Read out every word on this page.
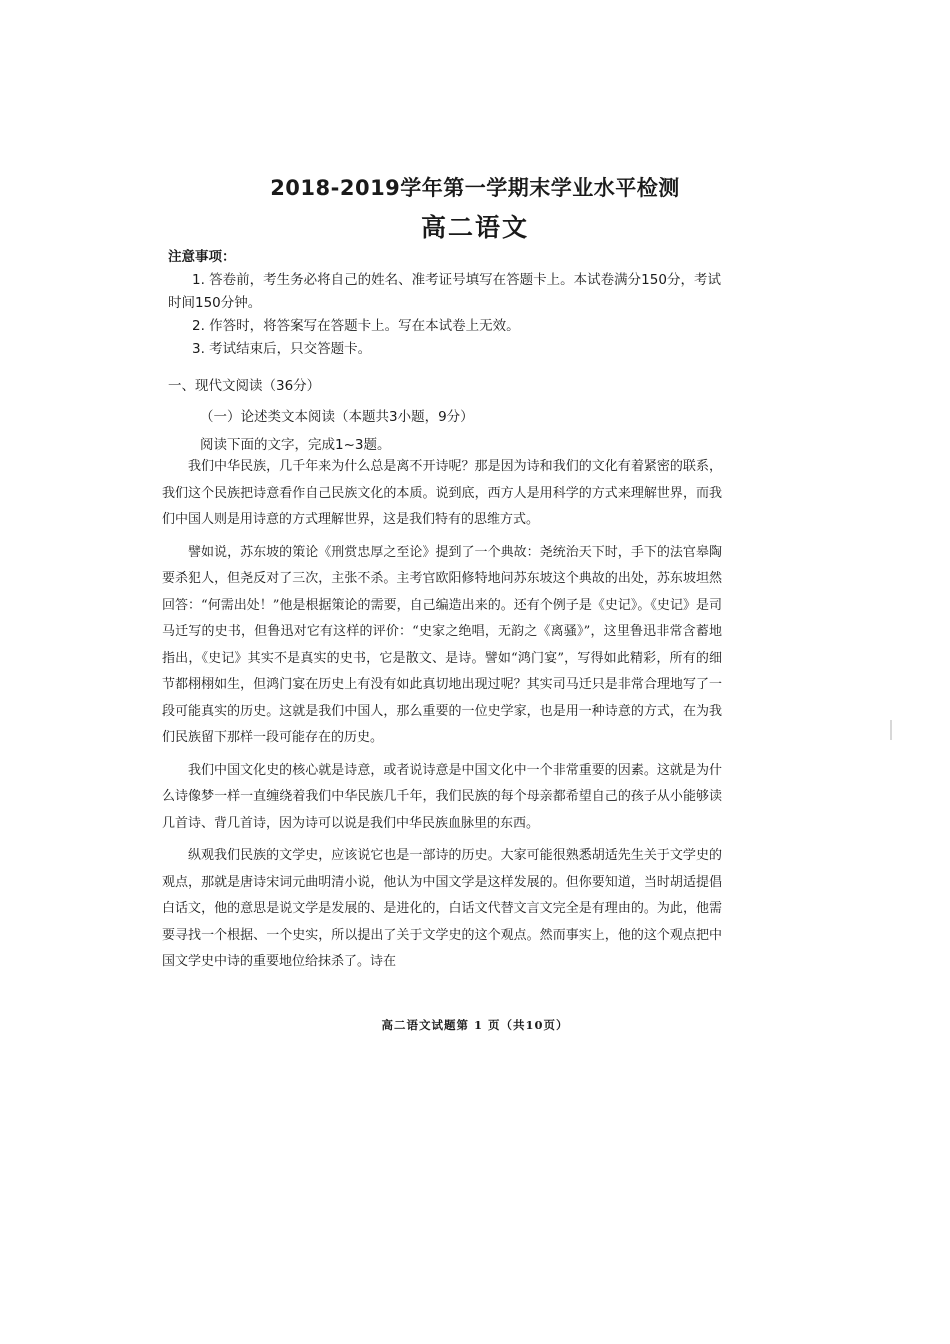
2018-2019学年第一学期末学业水平检测
高二语文
注意事项：
1. 答卷前，考生务必将自己的姓名、准考证号填写在答题卡上。本试卷满分150分，考试时间150分钟。
2. 作答时，将答案写在答题卡上。写在本试卷上无效。
3. 考试结束后，只交答题卡。
一、现代文阅读（36分）
（一）论述类文本阅读（本题共3小题，9分）
阅读下面的文字，完成1~3题。

我们中华民族，几千年来为什么总是离不开诗呢？那是因为诗和我们的文化有着紧密的联系，我们这个民族把诗意看作自己民族文化的本质。说到底，西方人是用科学的方式来理解世界，而我们中国人则是用诗意的方式理解世界，这是我们特有的思维方式。

譬如说，苏东坡的策论《刑赏忠厚之至论》提到了一个典故：尧统治天下时，手下的法官皋陶要杀犯人，但尧反对了三次，主张不杀。主考官欧阳修特地问苏东坡这个典故的出处，苏东坡坦然回答：“何需出处！”他是根据策论的需要，自己编造出来的。还有个例子是《史记》。《史记》是司马迁写的史书，但鲁迅对它有这样的评价：“史家之绝唱，无韵之《离骚》”，这里鲁迅非常含蓄地指出，《史记》其实不是真实的史书，它是散文、是诗。譬如“鸿门宴”，写得如此精彩，所有的细节都栩栩如生，但鸿门宴在历史上有没有如此真切地出现过呢？其实司马迁只是非常合理地写了一段可能真实的历史。这就是我们中国人，那么重要的一位史学家，也是用一种诗意的方式，在为我们民族留下那样一段可能存在的历史。

我们中国文化史的核心就是诗意，或者说诗意是中国文化中一个非常重要的因素。这就是为什么诗像梦一样一直缠绕着我们中华民族几千年，我们民族的每个母亲都希望自己的孩子从小能够读几首诗、背几首诗，因为诗可以说是我们中华民族血脉里的东西。

纵观我们民族的文学史，应该说它也是一部诗的历史。大家可能很熟悉胡适先生关于文学史的观点，那就是唐诗宋词元曲明清小说，他认为中国文学是这样发展的。但你要知道，当时胡适提倡白话文，他的意思是说文学是发展的、是进化的，白话文代替文言文完全是有理由的。为此，他需要寻找一个根据、一个史实，所以提出了关于文学史的这个观点。然而事实上，他的这个观点把中国文学史中诗的重要地位给抹杀了。诗在

高二语文试题第 1 页（共10页）
